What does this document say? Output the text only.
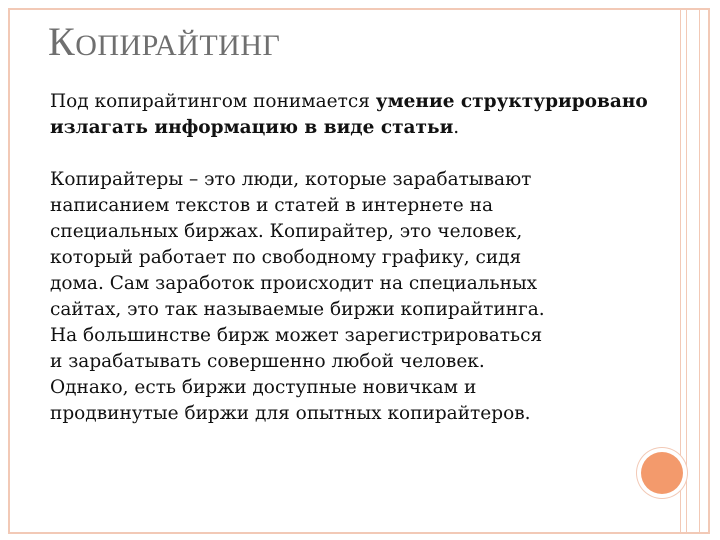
КОПИРАЙТИНГ

Под копирайтингом понимается умение структурировано излагать информацию в виде статьи.

Копирайтеры – это люди, которые зарабатывают
написанием текстов и статей в интернете на
специальных биржах. Копирайтер, это человек,
который работает по свободному графику, сидя
дома. Сам заработок происходит на специальных
сайтах, это так называемые биржи копирайтинга.
На большинстве бирж может зарегистрироваться
и зарабатывать совершенно любой человек.
Однако, есть биржи доступные новичкам и
продвинутые биржи для опытных копирайтеров.
